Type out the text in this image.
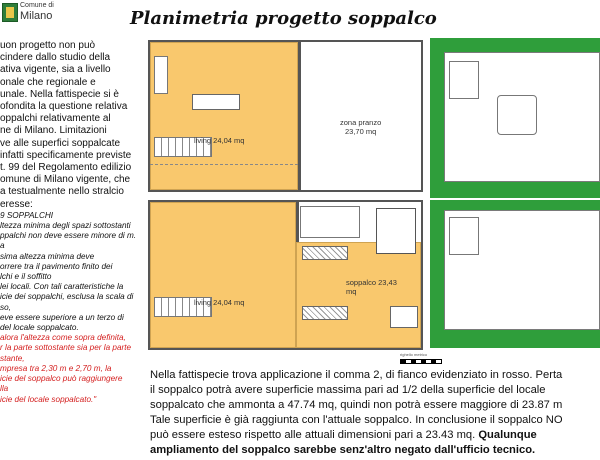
Comune di
Milano	Planimetria progetto soppalco
uon progetto non può
cindere dallo studio della
ativa vigente, sia a livello
onale che regionale e
unale. Nella fattispecie si è
ofondita la questione relativa
oppalchi relativamente al
ne di Milano. Limitazioni
ve alle superfici soppalcate
infatti specificamente previste
t. 99 del Regolamento edilizio
omune di Milano vigente, che
a testualmente nello stralcio
eresse:
9 SOPPALCHI
ltezza minima degli spazi sottostanti
ppalchi non deve essere minore di m.
a
sima altezza minima deve
orrere tra il pavimento finito dei
lchi e il soffitto
lei locali. Con tali caratteristiche la
icie dei soppalchi, esclusa la scala di
so,
eve essere superiore a un terzo di
del locale soppalcato.
alora l'altezza come sopra definita,
r la parte sottostante sia per la parte
stante,
mpresa tra 2,30 m e 2,70 m, la
icie del soppalco può raggiungere
lla
icie del locale soppalcato."
living 24,04 mq
zona pranzo
23,70 mq
living 24,04 mq
soppalco 23,43
mq
righello metrico
Nella fattispecie trova applicazione il comma 2, di fianco evidenziato in rosso. Perta
il soppalco potrà avere superficie massima pari ad 1/2 della superficie del locale
soppalcato che ammonta a 47.74 mq, quindi non potrà essere maggiore di 23.87 m
Tale superficie è già raggiunta con l'attuale soppalco. In conclusione il soppalco NO
può essere esteso rispetto alle attuali dimensioni pari a 23.43 mq. Qualunque
ampliamento del soppalco sarebbe senz'altro negato dall'ufficio tecnico.
